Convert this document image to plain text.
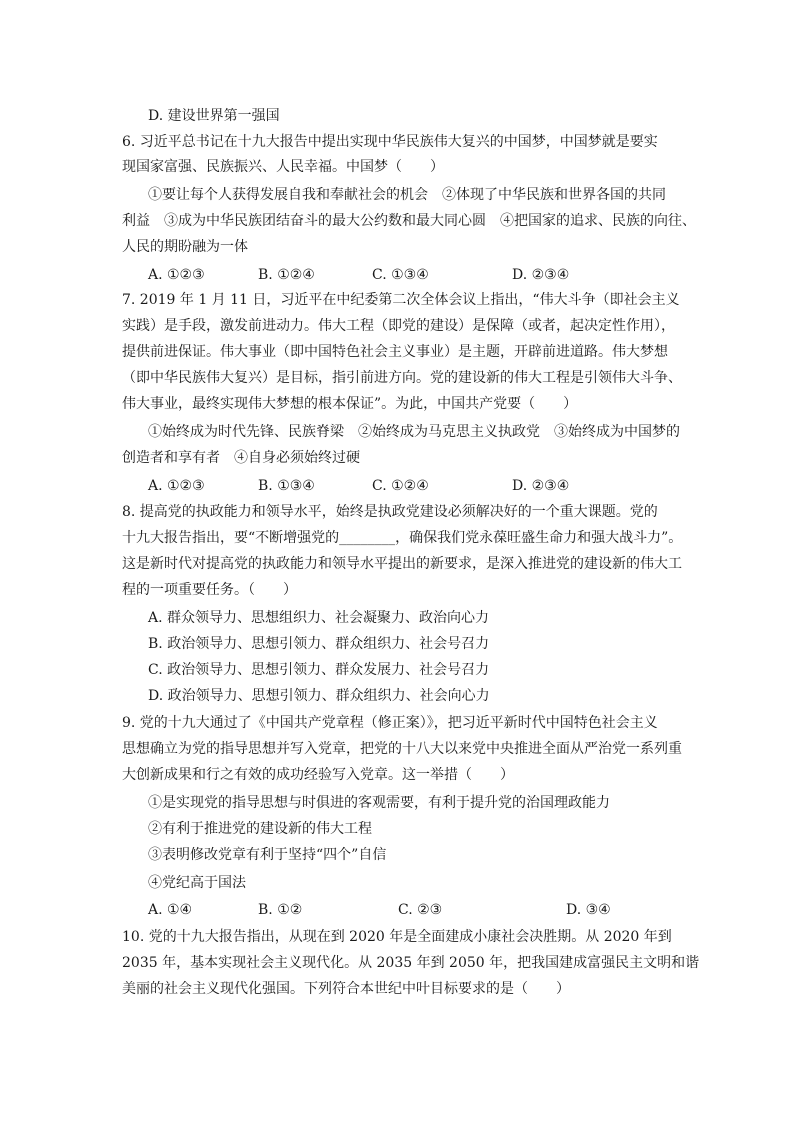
D. 建设世界第一强国
6. 习近平总书记在十九大报告中提出实现中华民族伟大复兴的中国梦，中国梦就是要实
现国家富强、民族振兴、人民幸福。中国梦（　　）
①要让每个人获得发展自我和奉献社会的机会　②体现了中华民族和世界各国的共同
利益　③成为中华民族团结奋斗的最大公约数和最大同心圆　④把国家的追求、民族的向往、
人民的期盼融为一体
A. ①②③	B. ①②④	C. ①③④	D. ②③④
7. 2019 年 1 月 11 日，习近平在中纪委第二次全体会议上指出，“伟大斗争（即社会主义
实践）是手段，激发前进动力。伟大工程（即党的建设）是保障（或者，起决定性作用），
提供前进保证。伟大事业（即中国特色社会主义事业）是主题，开辟前进道路。伟大梦想
（即中华民族伟大复兴）是目标，指引前进方向。党的建设新的伟大工程是引领伟大斗争、
伟大事业，最终实现伟大梦想的根本保证”。为此，中国共产党要（　　）
①始终成为时代先锋、民族脊梁　②始终成为马克思主义执政党　③始终成为中国梦的
创造者和享有者　④自身必须始终过硬
A. ①②③	B. ①③④	C. ①②④	D. ②③④
8. 提高党的执政能力和领导水平，始终是执政党建设必须解决好的一个重大课题。党的
十九大报告指出，要“不断增强党的________，确保我们党永葆旺盛生命力和强大战斗力”。
这是新时代对提高党的执政能力和领导水平提出的新要求，是深入推进党的建设新的伟大工
程的一项重要任务。（　　）
A. 群众领导力、思想组织力、社会凝聚力、政治向心力
B. 政治领导力、思想引领力、群众组织力、社会号召力
C. 政治领导力、思想引领力、群众发展力、社会号召力
D. 政治领导力、思想引领力、群众组织力、社会向心力
9. 党的十九大通过了《中国共产党章程（修正案）》，把习近平新时代中国特色社会主义
思想确立为党的指导思想并写入党章，把党的十八大以来党中央推进全面从严治党一系列重
大创新成果和行之有效的成功经验写入党章。这一举措（　　）
①是实现党的指导思想与时俱进的客观需要，有利于提升党的治国理政能力
②有利于推进党的建设新的伟大工程
③表明修改党章有利于坚持“四个”自信
④党纪高于国法
A. ①④	B. ①②	C. ②③	D. ③④
10. 党的十九大报告指出，从现在到 2020 年是全面建成小康社会决胜期。从 2020 年到
2035 年，基本实现社会主义现代化。从 2035 年到 2050 年，把我国建成富强民主文明和谐
美丽的社会主义现代化强国。下列符合本世纪中叶目标要求的是（　　）
